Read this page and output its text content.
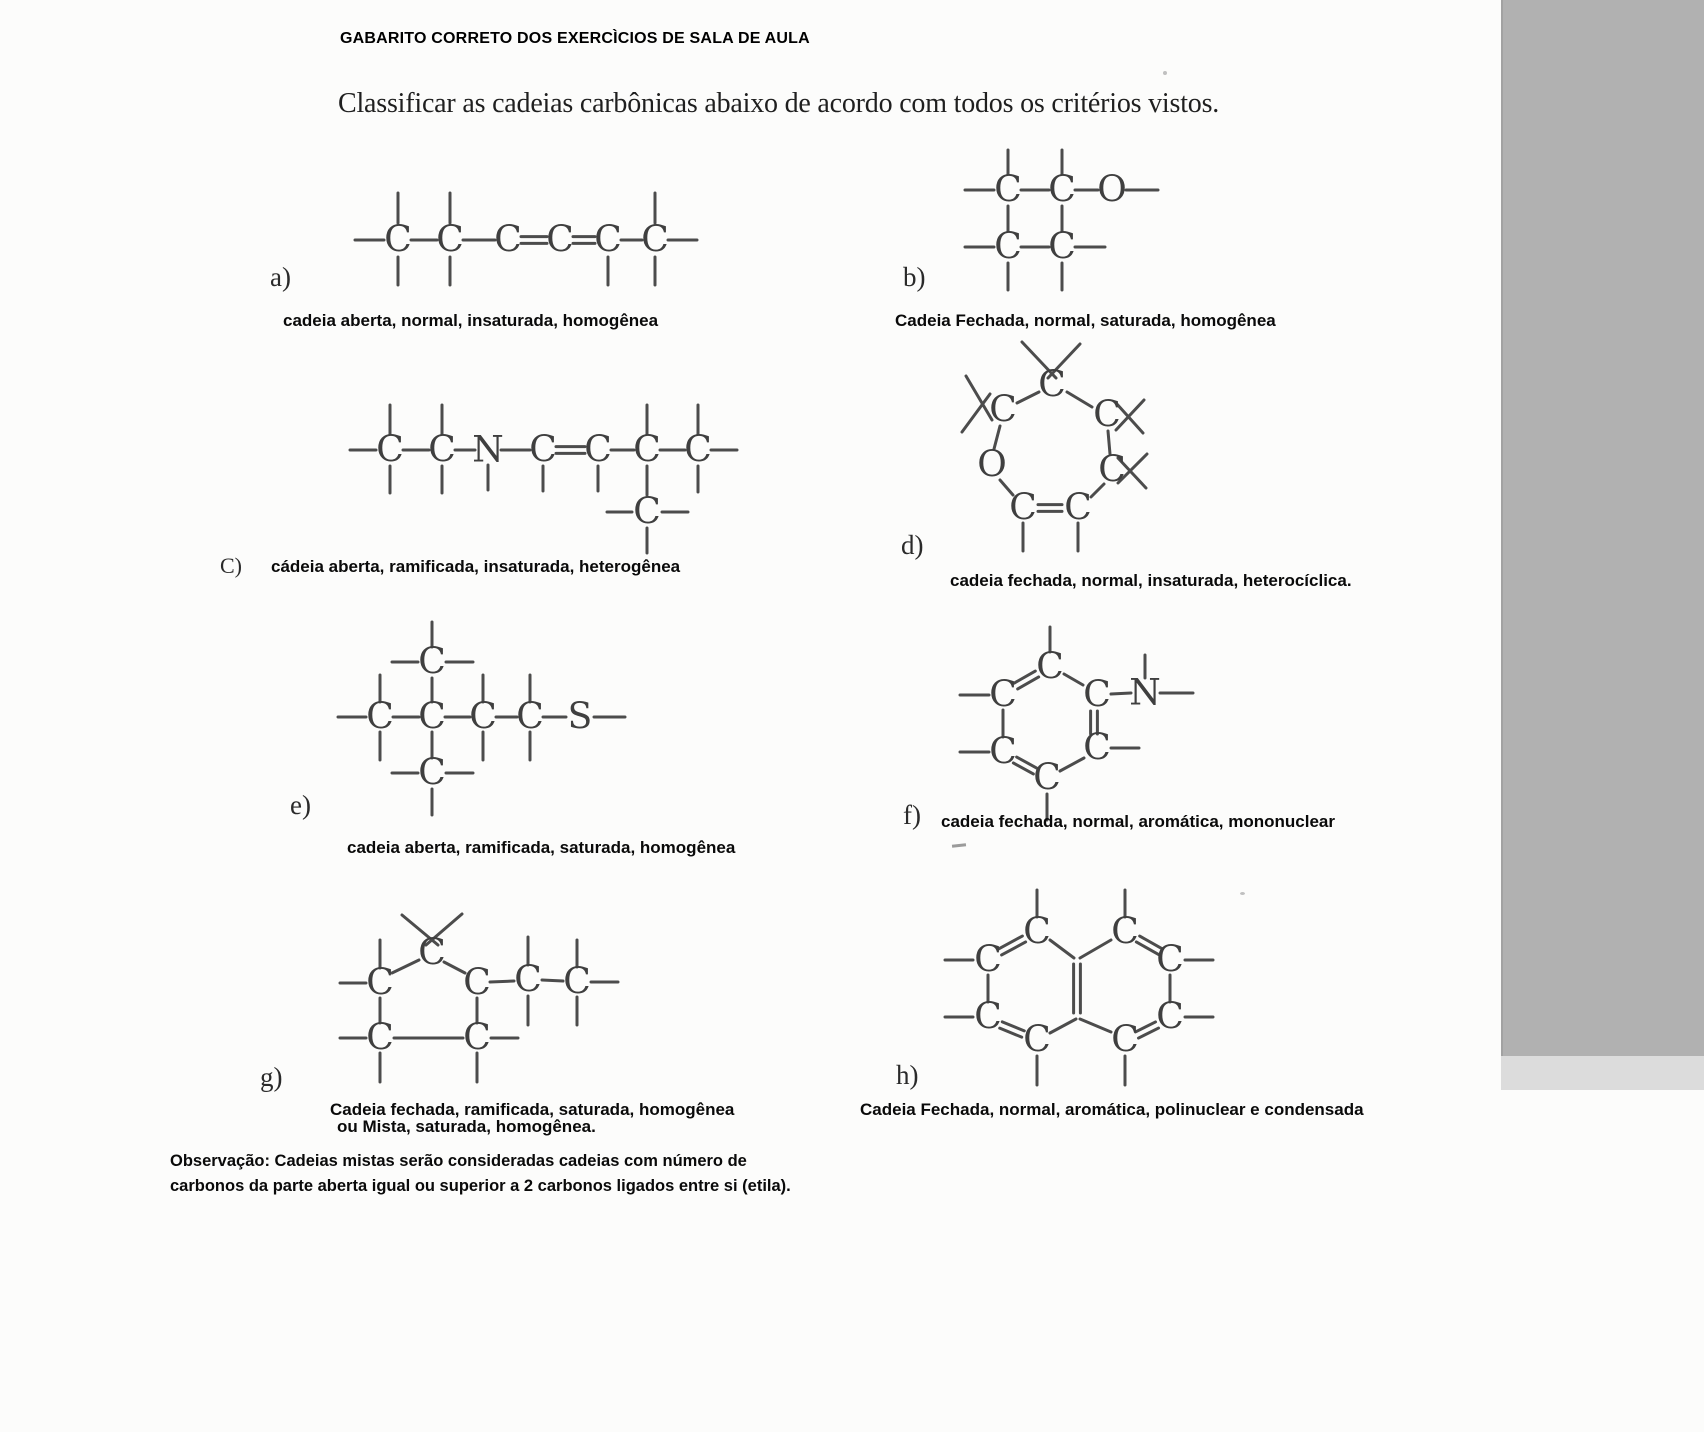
GABARITO CORRETO DOS EXERCÌCIOS DE SALA DE AULA
Classificar as cadeias carbônicas abaixo de acordo com todos os critérios vistos.
C C C C C C
C C O
C C
C C N C C C C
C
C
C
O
C C
C
C
C C C C S
C
C
C
C
C
C
C
C N
C
C
C C C
C C
C C
C	C
C	C
C C
a)	b)
C)
d)
e)	f)
g)	h)
cadeia aberta, normal, insaturada, homogênea	Cadeia Fechada, normal, saturada, homogênea
cádeia aberta, ramificada, insaturada, heterogênea
cadeia fechada, normal, insaturada, heterocíclica.
cadeia aberta, ramificada, saturada, homogênea
cadeia fechada, normal, aromática, mononuclear
Cadeia fechada, ramificada, saturada, homogênea
ou Mista, saturada, homogênea.
Cadeia Fechada, normal, aromática, polinuclear e condensada
Observação: Cadeias mistas serão consideradas cadeias com número de
carbonos da parte aberta igual ou superior a 2 carbonos ligados entre si (etila).
